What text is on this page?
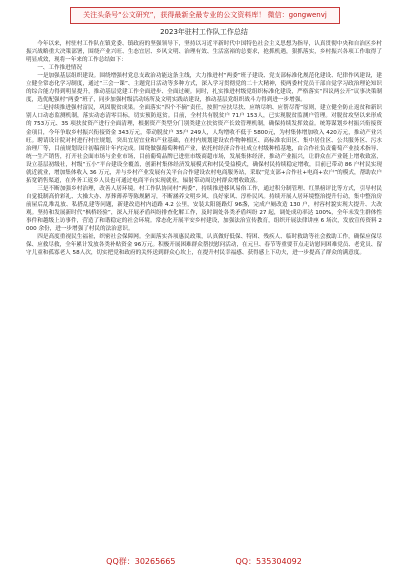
关注头条号“公文研究”，获得最新全最专业的公文资料库！ 微信：gongwenvj
2023年驻村工作队工作总结

今年以来，村驻村工作队在镇党委、镇政府的坚强领导下，坚持以习近平新时代中国特色社会主义思想为指导，认真贯彻中央和自治区乡村振兴战略重大决策部署，围绕产业兴旺、生态宜居、乡风文明、治理有效、生活富裕的总要求，抢抓机遇，狠抓落实，乡村振兴各项工作取得了明显成效，现将一年来的工作总结如下：

一、工作推进情况

一是加强基层组织建设。围绕增强村党总支政治功能这条主线，大力推进村“两委”班子建设、党支部标准化规范化建设、纪律作风建设，建立健全常态化学习制度，通过“三会一课”、主题党日活动等多种方式，深入学习贯彻党的二十大精神，使两委村党员干部自觉学习政治理论知识的综合能力得到明显提升，推动基层党建工作全面进步、全面过硬。同时，扎实推进村级党组织标准化建设，严格落实“四议两公开”议事决策制度，选优配强村“两委”班子，同步加强村级活动场所及文明实践站建设，推动基层党组织战斗力得到进一步增强。

二是持续推进强村富民，巩固脱贫成果。全面落实“四个不摘”责任，按照“应扶尽扶、应纳尽纳、应帮尽帮”原则，建立健全防止返贫和新识别人口动态监测机制，落实动态清零目标，切实预防返贫。目前，全村共有脱贫户 71户 153人，已实现脱贫监测户管理。对脱贫攻坚以来形成的 753万元、35 项扶贫资产进行全面清理，根据资产类型分门别类建立扶贫资产长效管理机制，确保持续发挥效益。统筹谋划乡村振兴衔接资金项目，今年争取乡村振兴衔接资金 343万元，带动脱贫户 35户 249人，人均增收不低于 5800元，为村集体增加收入 420万元，推动产业兴旺。聘请设计院对村进行村庄规划，突出宜居宜业和产业基础，在村内规划建设农作物种植区、高标准农田区、集中居住区、公共服务区、污水治理厂等，目前规划设计初稿预计年内完成。围绕做强葡萄种植产业，依托村经济合作社成立村级种植基地，由合作社负责葡萄产业技术指导、统一生产销售，打开社会面市场与企业市场，目前葡萄品牌已进驻市级商超市场，发展集体经济，推动产业振兴，让群众在产业链上增收致富，设立基层初级社，村级“五小”平台建设全覆盖，创新村集体经济发展模式和村民受益模式，确保村民持续稳定增收，目前已带动 86 户村民实现就近就业，增加集体收入 36 万元，并与乡村产业发展有关平台合作建设农村电商服务站，采取“党支部+合作社+电商+农户”的模式，帮助农户拓宽销售渠道，在外务工返乡人员也可通过电商平台实现就业，辐射带动周边村群众增收致富。

三是不断加强乡村治理，改善人居环境。村工作队协同村“两委”，持续推进移风易俗工作，通过积分制管理、红黑榜评比等方式，引导村民自觉抵制高价彩礼、大操大办、厚葬薄养等陈规陋习，不断涵养文明乡风、良好家风、淳朴民风。持续开展人居环境整治提升行动，集中整治房前屋后乱堆乱放、私搭乱建等问题，新建改造村内道路 4.2 公里，安装太阳能路灯 96盏，完成户厕改造 130 户，村容村貌实现大提升、大改观。坚持和发展新时代“枫桥经验”，深入开展矛盾纠纷排查化解工作，及时调处各类矛盾纠纷 27 起，调处成功率达 100%，全年未发生群体性事件和越级上访事件，营造了和谐稳定的社会环境。常态化开展平安乡村建设，加强法治宣传教育，组织开展法律讲座 6 场次，发放宣传资料 2000 余份，进一步增强了村民的法治意识。

四是高度重视民生福祉，织密社会保障网。全面落实各项惠民政策，认真做好低保、特困、残疾人、临时救助等社会救助工作，确保应保尽保、应救尽救，全年累计发放各类补贴资金 96万元。积极开展困难群众帮扶慰问活动，在元旦、春节等重要节点走访慰问困难党员、老党员、留守儿童和孤寡老人 58人次，切实把党和政府的关怀送到群众心坎上，在提升村民幸福感、获得感上下功夫，进一步提高了群众的满意度。

QQ群：30265665	QQ：535304092
